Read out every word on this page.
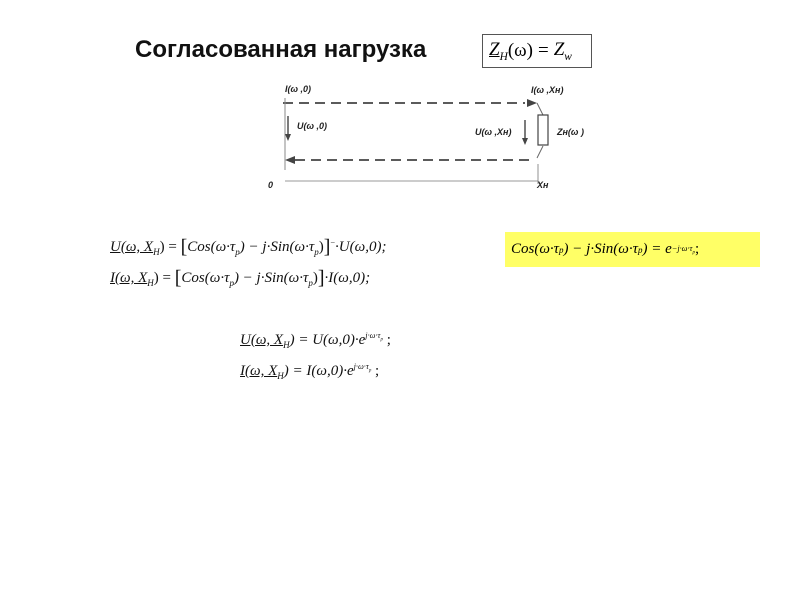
Согласованная нагрузка	$Z_Н$ $(\omega) = Z_w$
I(ω ,0)	I(ω ,Xн)
U(ω ,0)
U(ω ,Xн)	Zн(ω )
0	Xн
U(ω, $X_Н) = [Cos(\omega\cdot\tau_p) - j\cdot Sin(\omega\cdot\tau_p)]^-\cdot U(\omega,0)$;
I(ω, $X_Н) = [Cos(\omega\cdot\tau_p) - j\cdot Sin(\omega\cdot\tau_p)]\cdot I(\omega,0)$;
Cos(ω·τ p ) − j·Sin(ω·τ p ) = $e -j\cdot\omega\cdot\tau_p$ ;
U(ω, $X_Н) = U(\omega,0)\cdot e^{j\cdot\omega\cdot\tau_p}$ ;
I(ω, $X_Н) = I(\omega,0)\cdot e^{j\cdot\omega\cdot\tau_p}$ ;
